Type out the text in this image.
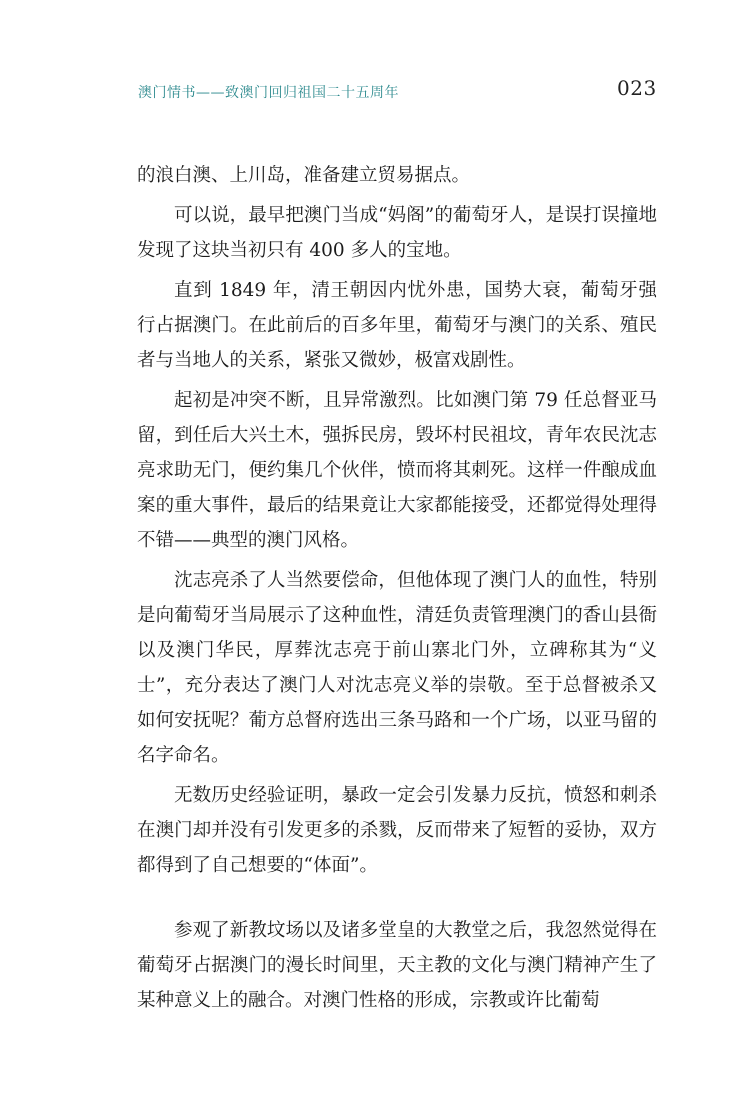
澳门情书——致澳门回归祖国二十五周年	023

的浪白澳、上川岛，准备建立贸易据点。

可以说，最早把澳门当成“妈阁”的葡萄牙人，是误打误撞地发现了这块当初只有 400 多人的宝地。

直到 1849 年，清王朝因内忧外患，国势大衰，葡萄牙强行占据澳门。在此前后的百多年里，葡萄牙与澳门的关系、殖民者与当地人的关系，紧张又微妙，极富戏剧性。

起初是冲突不断，且异常激烈。比如澳门第 79 任总督亚马留，到任后大兴土木，强拆民房，毁坏村民祖坟，青年农民沈志亮求助无门，便约集几个伙伴，愤而将其刺死。这样一件酿成血案的重大事件，最后的结果竟让大家都能接受，还都觉得处理得不错——典型的澳门风格。

沈志亮杀了人当然要偿命，但他体现了澳门人的血性，特别是向葡萄牙当局展示了这种血性，清廷负责管理澳门的香山县衙以及澳门华民，厚葬沈志亮于前山寨北门外，立碑称其为“义士”，充分表达了澳门人对沈志亮义举的崇敬。至于总督被杀又如何安抚呢？葡方总督府选出三条马路和一个广场，以亚马留的名字命名。

无数历史经验证明，暴政一定会引发暴力反抗，愤怒和刺杀在澳门却并没有引发更多的杀戮，反而带来了短暂的妥协，双方都得到了自己想要的“体面”。

参观了新教坟场以及诸多堂皇的大教堂之后，我忽然觉得在葡萄牙占据澳门的漫长时间里，天主教的文化与澳门精神产生了某种意义上的融合。对澳门性格的形成，宗教或许比葡萄
